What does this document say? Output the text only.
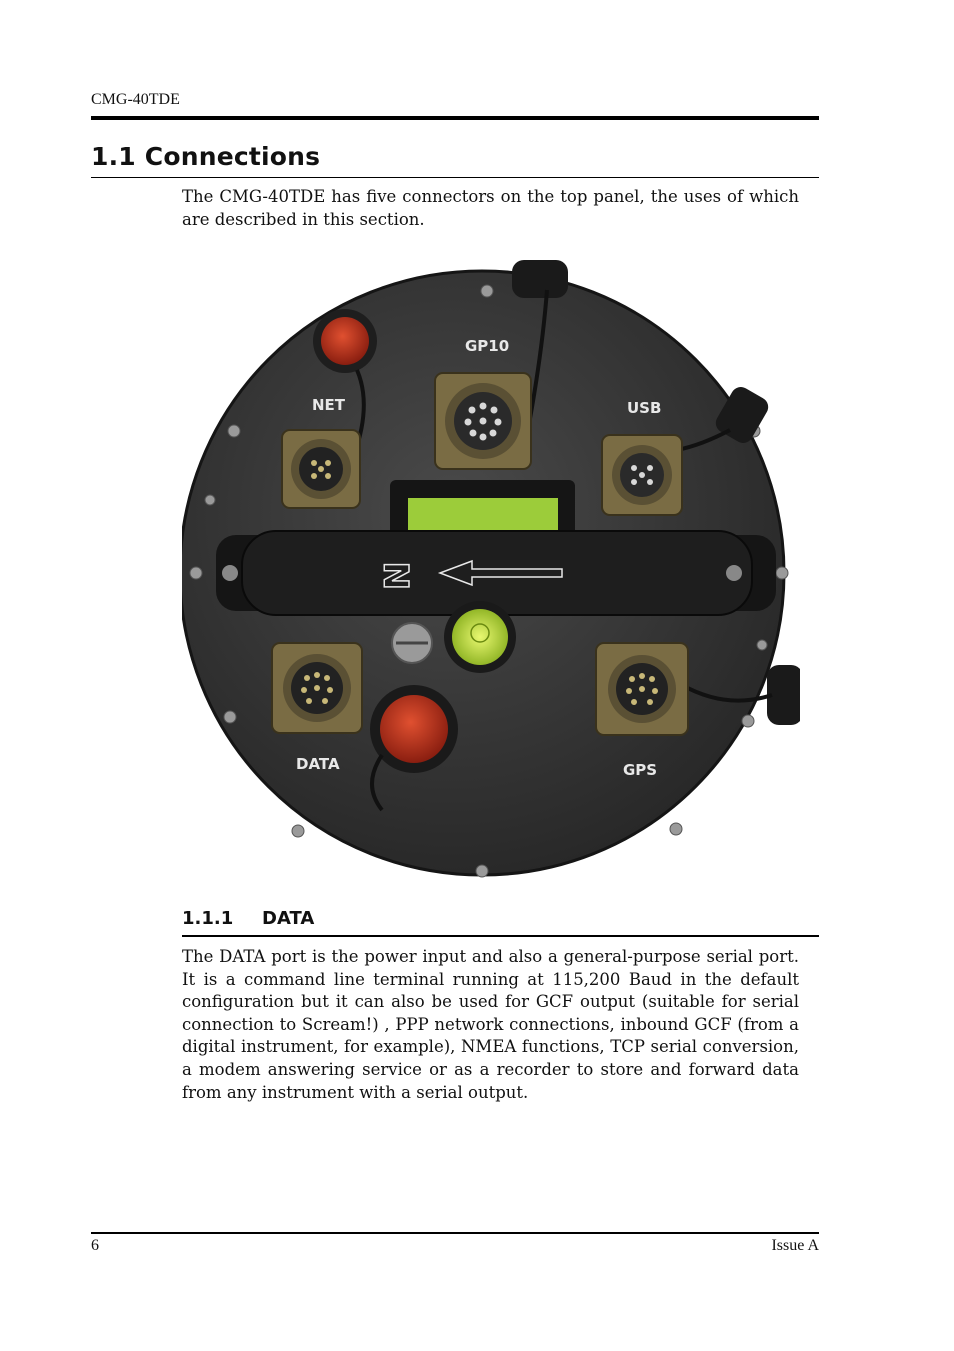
CMG-40TDE
1.1 Connections
The CMG-40TDE has five connectors on the top panel, the uses of which are described in this section.
NET
GP10
USB
DATA	GPS
N
1.1.1 DATA
The DATA port is the power input and also a general-purpose serial port. It is a command line terminal running at 115,200 Baud in the default configuration but it can also be used for GCF output (suitable for serial connection to Scream!) , PPP network connections, inbound GCF (from a digital instrument, for example), NMEA functions, TCP serial conversion, a modem answering service or as a recorder to store and forward data from any instrument with a serial output.
6	Issue A
